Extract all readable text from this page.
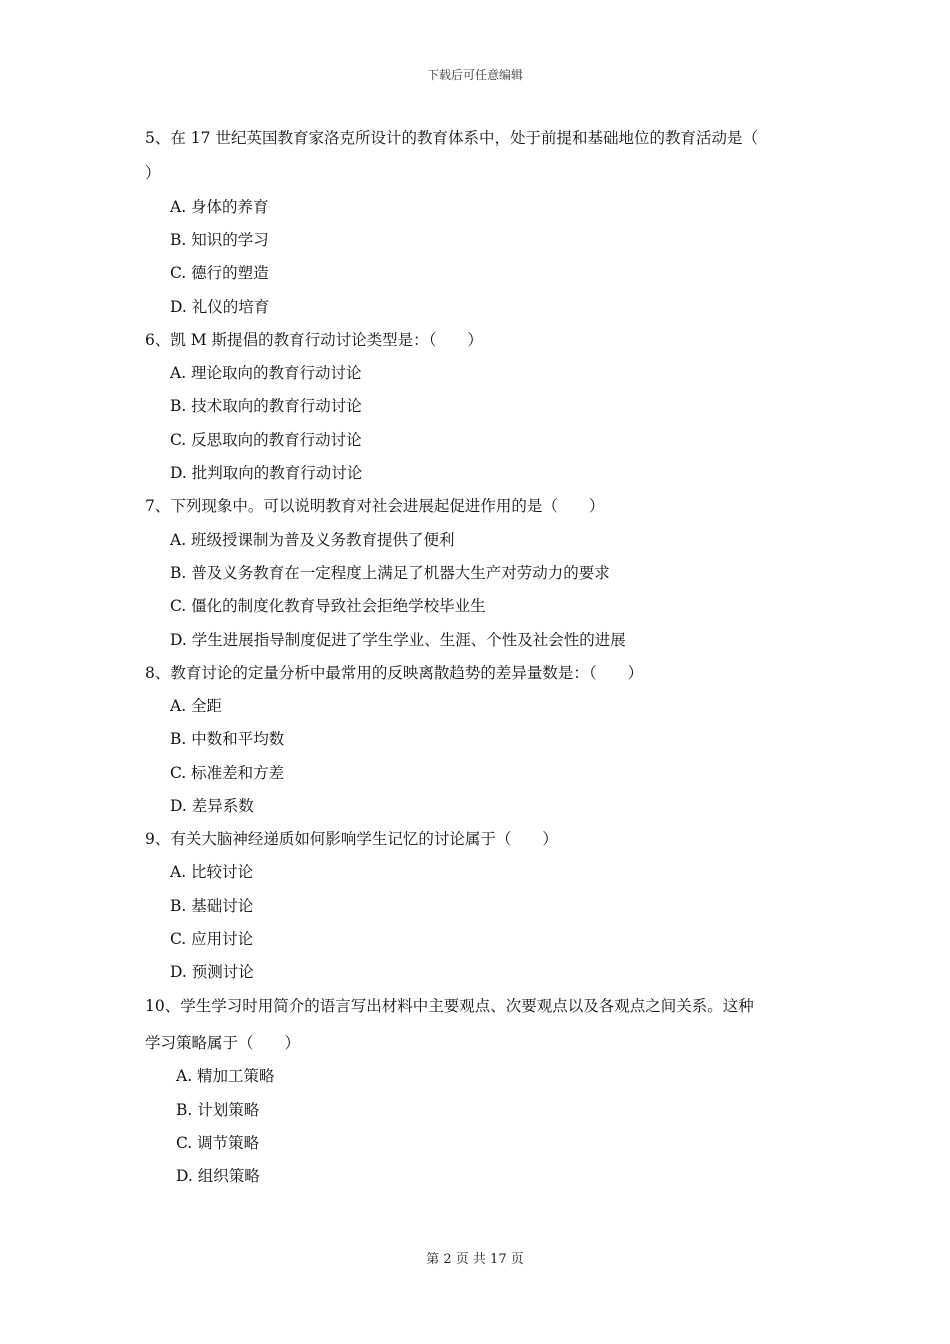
下载后可任意编辑
5、在 17 世纪英国教育家洛克所设计的教育体系中，处于前提和基础地位的教育活动是（
）
A. 身体的养育
B. 知识的学习
C. 德行的塑造
D. 礼仪的培育
6、凯 M 斯提倡的教育行动讨论类型是：（　　）
A. 理论取向的教育行动讨论
B. 技术取向的教育行动讨论
C. 反思取向的教育行动讨论
D. 批判取向的教育行动讨论
7、下列现象中。可以说明教育对社会进展起促进作用的是（　　）
A. 班级授课制为普及义务教育提供了便利
B. 普及义务教育在一定程度上满足了机器大生产对劳动力的要求
C. 僵化的制度化教育导致社会拒绝学校毕业生
D. 学生进展指导制度促进了学生学业、生涯、个性及社会性的进展
8、教育讨论的定量分析中最常用的反映离散趋势的差异量数是：（　　）
A. 全距
B. 中数和平均数
C. 标准差和方差
D. 差异系数
9、有关大脑神经递质如何影响学生记忆的讨论属于（　　）
A. 比较讨论
B. 基础讨论
C. 应用讨论
D. 预测讨论
10、学生学习时用简介的语言写出材料中主要观点、次要观点以及各观点之间关系。这种
学习策略属于（　　）
A. 精加工策略
B. 计划策略
C. 调节策略
D. 组织策略
第 2 页 共 17 页
